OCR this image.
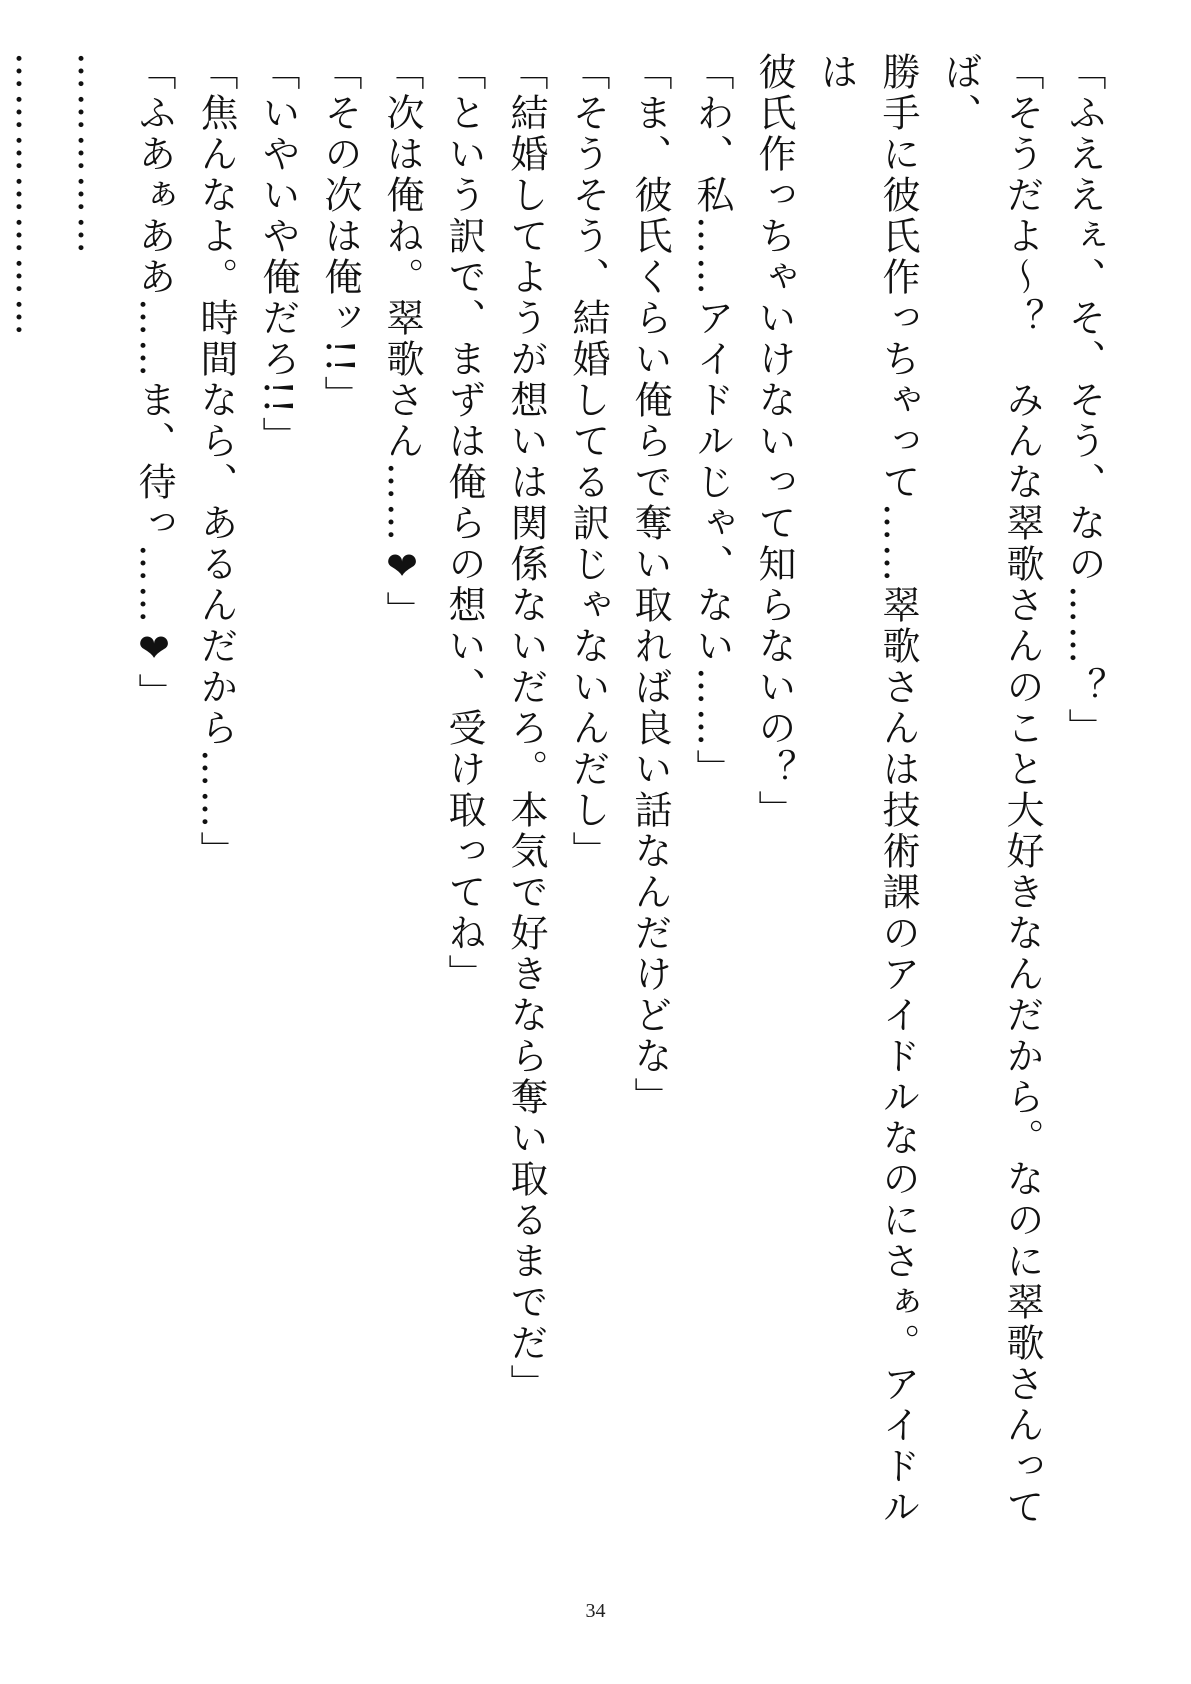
「ふええぇ、そ、そう、なの……？」
「そうだよ〜？　みんな翠歌さんのこと大好きなんだから。なのに翠歌さんってば、
勝手に彼氏作っちゃって……翠歌さんは技術課のアイドルなのにさぁ。アイドルは
彼氏作っちゃいけないって知らないの？」
「わ、私……アイドルじゃ、ない……」
「ま、彼氏くらい俺らで奪い取れば良い話なんだけどな」
「そうそう、結婚してる訳じゃないんだし」
「結婚してようが想いは関係ないだろ。本気で好きなら奪い取るまでだ」
「という訳で、まずは俺らの想い、受け取ってね」
「次は俺ね。翠歌さん……❤」
「その次は俺ッ!!」
「いやいや俺だろ!!」
「焦んなよ。時間なら、あるんだから……」
「ふあぁああ……ま、待っ……❤」
……………
…………………
34
